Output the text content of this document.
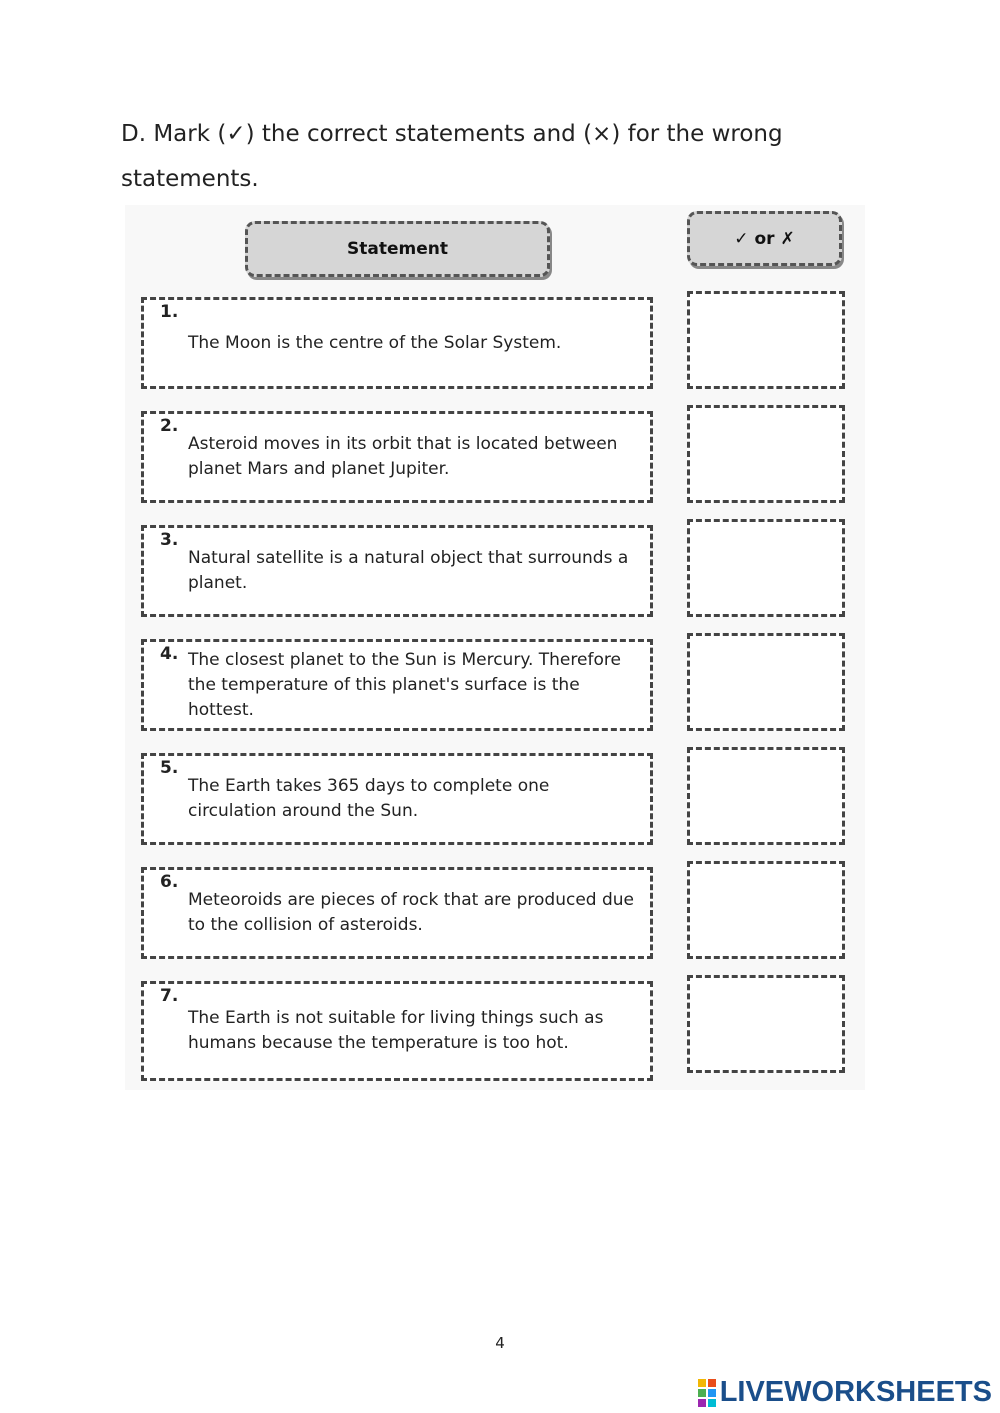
D. Mark (✓) the correct statements and (×) for the wrong
statements.
Statement
✓ or ✗
1.
The Moon is the centre of the Solar System.
2.
Asteroid moves in its orbit that is located between planet Mars and planet Jupiter.
3.
Natural satellite is a natural object that surrounds a planet.
4. The closest planet to the Sun is Mercury. Therefore the temperature of this planet's surface is the hottest.
5.
The Earth takes 365 days to complete one circulation around the Sun.
6.
Meteoroids are pieces of rock that are produced due to the collision of asteroids.
7.
The Earth is not suitable for living things such as humans because the temperature is too hot.
4
LIVEWORKSHEETS
